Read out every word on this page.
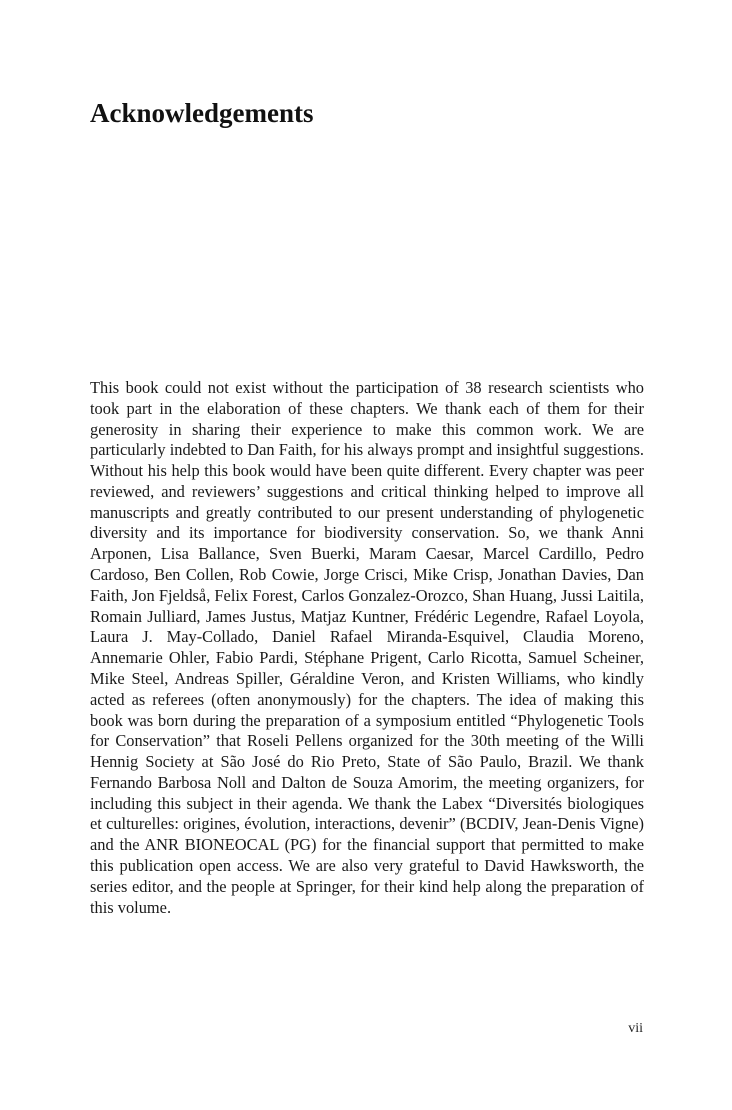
Acknowledgements

This book could not exist without the participation of 38 research scientists who took part in the elaboration of these chapters. We thank each of them for their generosity in sharing their experience to make this common work. We are particularly indebted to Dan Faith, for his always prompt and insightful suggestions. Without his help this book would have been quite different. Every chapter was peer reviewed, and reviewers’ suggestions and critical thinking helped to improve all manuscripts and greatly contributed to our present understanding of phylogenetic diversity and its importance for biodiversity conservation. So, we thank Anni Arponen, Lisa Ballance, Sven Buerki, Maram Caesar, Marcel Cardillo, Pedro Cardoso, Ben Collen, Rob Cowie, Jorge Crisci, Mike Crisp, Jonathan Davies, Dan Faith, Jon Fjeldså, Felix Forest, Carlos Gonzalez-Orozco, Shan Huang, Jussi Laitila, Romain Julliard, James Justus, Matjaz Kuntner, Frédéric Legendre, Rafael Loyola, Laura J. May-Collado, Daniel Rafael Miranda-Esquivel, Claudia Moreno, Annemarie Ohler, Fabio Pardi, Stéphane Prigent, Carlo Ricotta, Samuel Scheiner, Mike Steel, Andreas Spiller, Géraldine Veron, and Kristen Williams, who kindly acted as referees (often anonymously) for the chapters. The idea of making this book was born during the preparation of a symposium entitled “Phylogenetic Tools for Conservation” that Roseli Pellens organized for the 30th meeting of the Willi Hennig Society at São José do Rio Preto, State of São Paulo, Brazil. We thank Fernando Barbosa Noll and Dalton de Souza Amorim, the meeting organizers, for including this subject in their agenda. We thank the Labex “Diversités biologiques et culturelles: origines, évolution, interactions, devenir” (BCDIV, Jean-Denis Vigne) and the ANR BIONEOCAL (PG) for the financial support that permitted to make this publication open access. We are also very grateful to David Hawksworth, the series editor, and the people at Springer, for their kind help along the preparation of this volume.

vii
